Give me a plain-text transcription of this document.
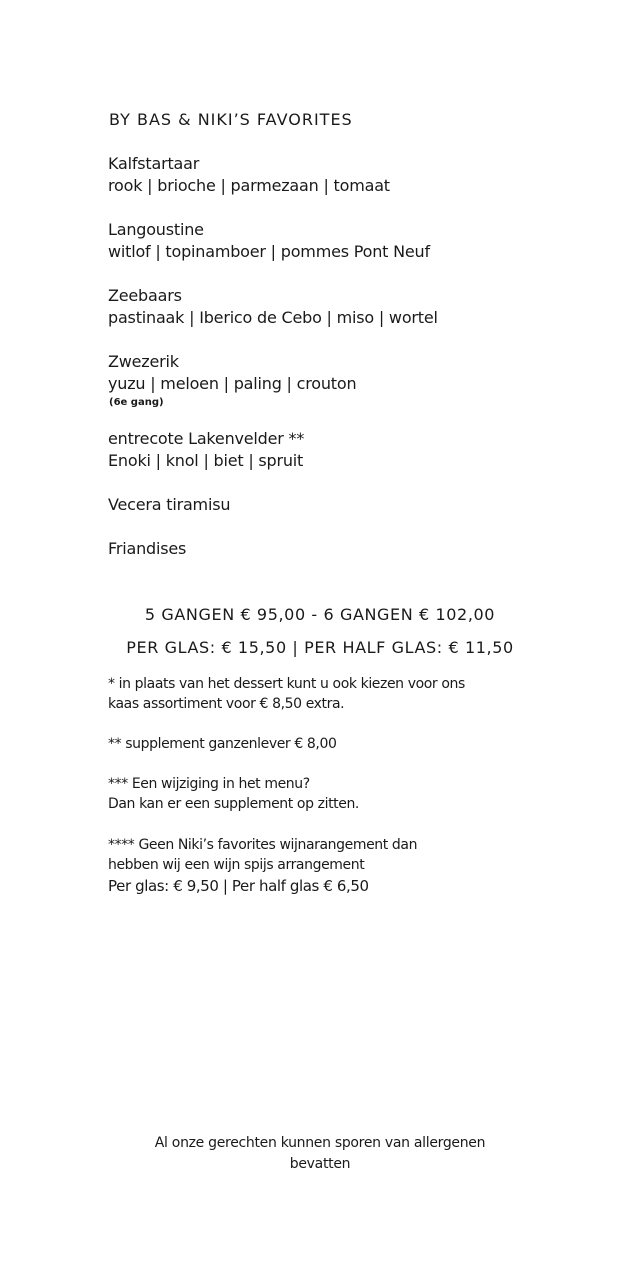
BY BAS & NIKI’S FAVORITES
Kalfstartaar
rook | brioche | parmezaan | tomaat
Langoustine
witlof | topinamboer | pommes Pont Neuf
Zeebaars
pastinaak | Iberico de Cebo | miso | wortel
Zwezerik
yuzu | meloen | paling | crouton
(6e gang)
entrecote Lakenvelder **
Enoki | knol | biet | spruit
Vecera tiramisu
Friandises
5 GANGEN € 95,00 - 6 GANGEN € 102,00
PER GLAS: € 15,50 | PER HALF GLAS: € 11,50
* in plaats van het dessert kunt u ook kiezen voor ons
kaas assortiment voor € 8,50 extra.
** supplement ganzenlever € 8,00
*** Een wijziging in het menu?
Dan kan er een supplement op zitten.
**** Geen Niki’s favorites wijnarangement dan
hebben wij een wijn spijs arrangement
Per glas: € 9,50 | Per half glas € 6,50
Al onze gerechten kunnen sporen van allergenen
bevatten
